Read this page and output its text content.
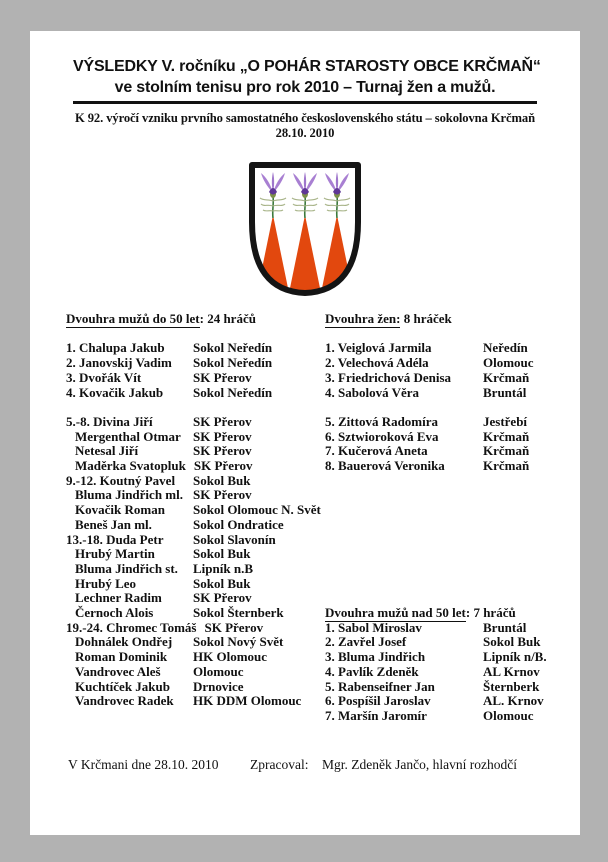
VÝSLEDKY V. ročníku „O POHÁR STAROSTY OBCE KRČMAŇ“
ve stolním tenisu pro rok 2010 – Turnaj žen a mužů.
K 92. výročí vzniku prvního samostatného československého státu – sokolovna Krčmaň
28.10. 2010
Dvouhra mužů do 50 let: 24 hráčů
1. Chalupa Jakub	Sokol Neředín
2. Janovskij Vadim	Sokol Neředín
3. Dvořák Vít	SK Přerov
4. Kovačik Jakub	Sokol Neředín
5.-8. Divina Jiří	SK Přerov
Mergenthal Otmar SK Přerov
Netesal Jiří	SK Přerov
Maděrka Svatopluk SK Přerov
9.-12. Koutný Pavel	Sokol Buk
Bluma Jindřich ml. SK Přerov
Kovačik Roman	Sokol Olomouc N. Svět
Beneš Jan ml.	Sokol Ondratice
13.-18. Duda Petr	Sokol Slavonín
Hrubý Martin	Sokol Buk
Bluma Jindřich st.	Lipník n.B
Hrubý Leo	Sokol Buk
Lechner Radim	SK Přerov
Černoch Alois	Sokol Šternberk
19.-24. Chromec Tomáš SK Přerov
Dohnálek Ondřej	Sokol Nový Svět
Roman Dominik	HK Olomouc
Vandrovec Aleš	Olomouc
Kuchtíček Jakub	Drnovice
Vandrovec Radek	HK DDM Olomouc
Dvouhra žen: 8 hráček
1. Veiglová Jarmila	Neředín
2. Velechová Adéla	Olomouc
3. Friedrichová Denisa	Krčmaň
4. Sabolová Věra	Bruntál
5. Zittová Radomíra	Jestřebí
6. Sztwioroková Eva	Krčmaň
7. Kučerová Aneta	Krčmaň
8. Bauerová Veronika	Krčmaň
Dvouhra mužů nad 50 let: 7 hráčů
1. Sabol Miroslav	Bruntál
2. Zavřel Josef	Sokol Buk
3. Bluma Jindřich	Lipník n/B.
4. Pavlík Zdeněk	AL Krnov
5. Rabenseifner Jan	Šternberk
6. Pospíšil Jaroslav	AL. Krnov
7. Maršín Jaromír	Olomouc
V Krčmani dne 28.10. 2010 Zpracoval: Mgr. Zdeněk Jančo, hlavní rozhodčí
